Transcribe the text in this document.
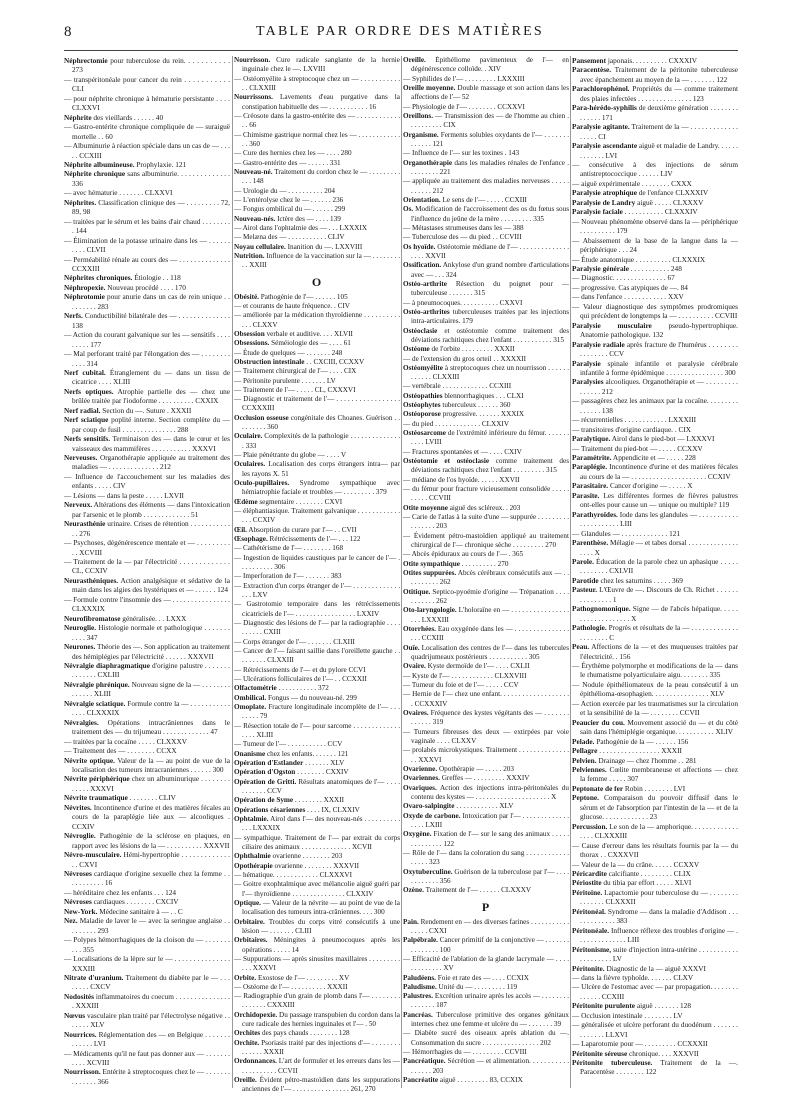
8	TABLE PAR ORDRE DES MATIÈRES

Néphrectomie pour tuberculose du rein. . . . . . . . . . . 273

— transpéritonéale pour cancer du rein . . . . . . . . . . . CLI

— pour néphrite chronique à hématurie persistante . . . . CLXXVI

Néphrite des vieillards . . . . . . 40

— Gastro-entérite chronique compliquée de — suraiguë mortelle . . 60

— Albuminurie à réaction spéciale dans un cas de — . . . . . CCXIII

Néphrite albumineuse. Prophylaxie. 121

Néphrite chronique sans albuminurie. . . . . . . . . . . . . . 336

— avec hématurie . . . . . . . CLXXVI

Néphrites. Classification clinique des — . . . . . . . . . 72, 89, 98

— traitées par le sérum et les bains d'air chaud . . . . . . . . . 144

— Élimination de la potasse urinaire dans les — . . . . . . . . . . CLVII

— Perméabilité rénale au cours des — . . . . . . . . . . . . . . CCXXIII

Néphrites chroniques. Étiologie . . 118

Néphropexie. Nouveau procédé . . . . 170

Néphrotomie pour anurie dans un cas de rein unique . . . . . . . . . 283

Nerfs. Conductibilité bilatérale des — . . . . . . . . . . . . . . 138

— Action du courant galvanique sur les — sensitifs . . . . . . . . . 177

— Mal perforant traité par l'élongation des — . . . . . . . . . . . . 314

Nerf cubital. Étranglement du — dans un tissu de cicatrice . . . . XLIII

Nerfs optiques. Atrophie partielle des — chez une brûlée traitée par l'iodoforme . . . . . . . . . . CXXIX

Nerf radial. Section du —. Suture . XXXII

Nerf sciatique poplité interne. Section complète du — par coup de fusil . . . . . . . . . . . . . . . 288

Nerfs sensitifs. Terminaison des — dans le cœur et les vaisseaux des mammifères . . . . . . . . . . . XXXVI

Nerveuses. Organothérapie appliquée au traitement des maladies — . . . . . . . . . . . . . . 212

— Influence de l'accouchement sur les maladies des enfants . . . . . CIV

— Lésions — dans la peste . . . . . LXVII

Nerveux. Altérations des éléments — dans l'intoxication par l'arsenic et le plomb . . . . . . . . . . . . . 51

Neurasthénie urinaire. Crises de rétention . . . . . . . . . . . . . 276

— Psychoses, dégénérescence mentale et — . . . . . . . . . . . XCVIII

— Traitement de la — par l'électricité . . . . . . . . . . . . . CL, CCXIV

Neurasthéniques. Action analgésique et sédative de la main dans les algies des hystériques et — . . . . . . 124

— Formule contre l'insomnie des — . . . . . . . . . . . . . . . . CLXXXIX

Neurofibromatose généralisée. . . LXXX

Neuroglie. Histologie normale et pathologique . . . . . . . . . . . 347

Neurones. Théorie des —. Son application au traitement des hémiplégies par l'électricité . . . . . . XXXVII

Névralgie diaphragmatique d'origine palustre . . . . . . . . . . . . . . CXLIII

Névralgie phrénique. Nouveau signe de la — . . . . . . . . . . . . . . XLIII

Névralgie sciatique. Formule contre la — . . . . . . . . . . . . . . . CLXXXIX

Névralgies. Opérations intracrâniennes dans le traitement des — du trijumeau . . . . . . . . . . . . . 47

— traitées par la cocaïne . . . . . CLXXXV

— Traitement des — . . . . . . . . CCXX

Névrite optique. Valeur de la — au point de vue de la localisation des tumeurs intracraniennes . . . . . . 300

Névrite périphérique chez un albuminurique . . . . . . . . . . . . . XXXVI

Névrite traumatique . . . . . . . . CLIV

Névrites. Incontinence d'urine et des matières fécales au cours de la paraplégie liée aux — alcooliques . CCXIV

Névroglie. Pathogénie de la sclérose en plaques, en rapport avec les lésions de la — . . . . . . . . . . XXXVII

Névro-musculaire. Hémi-hypertrophie . . . . . . . . . . . . . . . CXVI

Névroses cardiaque d'origine sexuelle chez la femme . . . . . . . . . . . 16

— héréditaire chez les enfants . . . 124

Névroses cardiaques . . . . . . . . CXCIV

New-York. Médecine sanitaire à — . . C

Nez. Maladie de laver le — avec la seringue anglaise . . . . . . . . . 293

— Polypes hémorrhagiques de la cloison du — . . . . . . . . . . 355

— Localisations de la lèpre sur le — . . . . . . . . . . . . . . . XXXIII

Nitrate d'uranium. Traitement du diabète par le — . . . . . . . . CXCV

Nodosités inflammatoires du coecum . . . . . . . . . . . . . . . . XXXIII

Nœvus vasculaire plan traité par l'électrolyse négative . . . . . . . XLV

Nourrices. Réglementation des — en Belgique . . . . . . . . . . . . . LVI

— Médicaments qu'il ne faut pas donner aux — . . . . . . . . . . . XCVIII

Nourrisson. Entérite à streptocoques chez le — . . . . . . . . . . . . . . 366

Nourrisson. Cure radicale sanglante de la hernie inguinale chez le —. LXVIII

— Ostéomyélite à streptocoque chez un — . . . . . . . . . . . . . CLXXIII

Nourrissons. Lavements d'eau purgative dans la constipation habituelle des — . . . . . . . . . . . 16

— Créosote dans la gastro-entérite des — . . . . . . . . . . . . . . 66

— Chimisme gastrique normal chez les — . . . . . . . . . . . . . . 360

— Cure des hernies chez les — . . . . 280

— Gastro-entérite des — . . . . . . 331

Nouveau-né. Traitement du cordon chez le — . . . . . . . . . . . . 148

— Urologie du — . . . . . . . . . . 204

— L'entérolyse chez le — . . . . . . 236

— Fongus ombilical du — . . . . . . 299

Nouveau-nés. Ictère des — . . . . 139

— Airol dans l'ophtalmie des — . . . LXXXIX

— Melæna des — . . . . . . . . . . . CLIV

Noyau cellulaire. Inanition du —. LXXVIII

Nutrition. Influence de la vaccination sur la — . . . . . . . . . . XXIII

O

Obésité. Pathogénie de l'— . . . . . . 105

— et courants de haute fréquence. . CIV

— améliorée par la médication thyroïdienne . . . . . . . . . . . . . CLXXV

Obsession verbale et auditive. . . . XLVII

Obsessions. Séméiologie des — . . . . 61

— Étude de quelques — . . . . . . . 248

Obstruction intestinale . . CXCIII, CCXXV

— Traitement chirurgical de l'— . . . . CIX

— Péritonite purulente . . . . . . . LV

— Traitement de l'— . . . . . CL, CXXXVI

— Diagnostic et traitement de l'— . . . . . . . . . . . . . . . . . CCXXXIII

Occlusion osseuse congénitale des Choanes. Guérison . . . . . . . . . 360

Oculaire. Complexités de la pathologie . . . . . . . . . . . . . . . 333

— Plaie pénétrante du globe — . . . . V

Oculaires. Localisation des corps étrangers intra— par les rayons X. 51

Oculo-pupillaires. Syndrome sympathique avec hémiatrophie faciale et troubles — . . . . . . . . . 379

Œdème segmentaire . . . . . . . . CXVI

— éléphantiasique. Traitement galvanique . . . . . . . . . . . . . . . CCXIV

Œil. Absorption du curare par l'— . . CVII

Œsophage. Rétrécissements de l'— . . . 122

— Cathétérisme de l'— . . . . . . . . 168

— Ingestion de liquides caustiques par le cancer de l'— . . . . . . . . . . 306

— Imperforation de l'— . . . . . . . 383

— Extraction d'un corps étranger de l'— . . . . . . . . . . . . . . . . LXV

— Gastrotomie temporaire dans les rétrécissements cicatriciels de l'— . . . . . . . . . . . . . . . . . LXXIV

— Diagnostic des lésions de l'— par la radiographie . . . . . . . . . . CXIII

— Corps étranger de l'— . . . . . . . CLXIII

— Cancer de l'— faisant saillie dans l'oreillette gauche . . . . . . . . . CLXXIII

— Rétrécissements de l'— et du pylore CCVI

— Ulcérations folliculaires de l'— . . CCXXII

Olfactométrie . . . . . . . . . . . 372

Ombilical. Fongus — du nouveau-né. 299

Omoplate. Fracture longitudinale incomplète de l'— . . . . . . . . 79

— Résection totale de l'— pour sarcome . . . . . . . . . . . . . . . . . XLIII

— Tumeur de l'— . . . . . . . . . . . CCV

Onanisme chez les enfants. . . . . . . 121

Opération d'Estlander . . . . . . . XLV

Opération d'Ogston . . . . . . . . CXXIV

Opération de Gritti. Résultats anatomiques de l'— . . . . . . . . . . . CCV

Opération de Syme . . . . . . . . XXXII

Opérations césariennes . . . . IX, CLXXIV

Ophtalmie. Airol dans l'— des nouveau-nés . . . . . . . . . . . . . LXXXIX

— sympathique. Traitement de l'— par extrait du corps ciliaire des animaux . . . . . . . . . . . . . . XCVII

Ophthalmie ovarienne . . . . . . . . 203

Opothérapie ovarienne . . . . . . . . XXXVII

— hématique. . . . . . . . . . . . . CLXXXVI

— Goitre exophtalmique avec mélancolie aiguë guéri par l'— thyroïdienne . . . . . . . . . . . . . . . CLXXIV

Optique. — Valeur de la névrite — au point de vue de la localisation des tumeurs intra-crâniennes. . . . 300

Orbitaire. Troubles du corps vitré consécutifs à une lésion — . . . . . . . CLIII

Orbitaires. Méningites à pneumocoques après les opérations . . . . . 14

— Suppurations — après sinusites maxillaires . . . . . . . . . . . . XXXVI

Orbite. Exostose de l'— . . . . . . . . . XV

— Ostéome de l'— . . . . . . . . . . XXXII

— Radiographie d'un grain de plomb dans l'— . . . . . . . . . . . . . . . CXXXIII

Orchidopexie. Du passage transpubien du cordon dans la cure radicale des hernies inguinales et l'— . 50

Orchites des pays chauds . . . . . . . . 128

Orchite. Psoriasis traité par des injections d'— . . . . . . . . . . . . . . XXXII

Ordonnances. L'art de formuler et les erreurs dans les — . . . . . . . . . . CCVII

Oreille. Évident pétro-mastoïdien dans les suppurations anciennes de l'— . . . . . . . . . . . . . . . . 261, 270

Oreille. Épithéliome pavimenteux de l'— en dégénérescence colloïde. . XIV

— Syphilides de l'— . . . . . . . . . LXXXIII

Oreille moyenne. Double massage et son action dans les affections de l'— 52

— Physiologie de l'— . . . . . . . . CCXXVI

Oreillons. — Transmission des — de l'homme au chien . . . . . . . . . . CIX

Organisme. Ferments solubles oxydants de l'— . . . . . . . . . . . . . 121

— Influence de l'— sur les toxines . 143

Organothérapie dans les maladies rénales de l'enfance . . . . . . . . . 221

— appliquée au traitement des maladies nerveuses . . . . . . . . . . . 212

Orientation. Le sens de l'— . . . . . CCXIII

Os. Modification de l'accroissement des os du fœtus sous l'influence du jeûne de la mère . . . . . . . . . 335

— Métastases strumeuses dans les — 388

— Tuberculose des — du pied . . CCVIII

Os hyoïde. Ostéotomie médiane de l'— . . . . . . . . . . . . . . . . . . XXVII

Ossification. Ankylose d'un grand nombre d'articulations avec — . . . 324

Ostéo-arthrite Résection du poignet pour — tuberculeuse . . . . . . . 315

— à pneumocoques. . . . . . . . . . . CXXVI

Ostéo-arthrites tuberculeuses traitées par les injections intra-articulaires. 179

Ostéoclasie et ostéotomie comme traitement des déviations rachitiques chez l'enfant . . . . . . . . . . . 315

Ostéome de l'orbite . . . . . . . . . XXXII

— de l'extension du gros orteil . . XXXXII

Ostéomyélite à streptocoques chez un nourrisson . . . . . . . . . . . . CLXXIII

— vertébrale . . . . . . . . . . . . . CCXIII

Ostéopathies blennorrhagiques . . . CLXI

Ostéophytes tuberculeux . . . . . . 360

Ostéoporose progressive. . . . . . . XXXIX

— du pied . . . . . . . . . . . . . CLXXIV

Ostéosarcome de l'extrémité inférieure du fémur. . . . . . . . . . . LVIII

— Fractures spontanées et — . . . . CXIV

Ostéotomie et ostéoclasie comme traitement des déviations rachitiques chez l'enfant . . . . . . . . . 315

— médiane de l'os hyoïde. . . . . . XXVII

— du fémur pour fracture vicieusement consolidée . . . . . . . . . . CCVIII

Otite moyenne aiguë des scléreux. . 203

— Carie de l'atlas à la suite d'une — suppurée . . . . . . . . . . . . . . . . 203

— Évidement pétro-mastoïdien appliqué au traitement chirurgical de l'— chronique sèche . . . . . . . . . 270

— Abcès épiduraux au cours de l'— . 365

Otite sympathique . . . . . . . . . . 270

Otites suppurées. Abcès cérébraux consécutifs aux — . . . . . . . . . . 262

Otitique. Septico-pyoémie d'origine — Trépanation . . . . . . . . . . . 262

Oto-laryngologie. L'holoraïne en — . . . . . . . . . . . . . . . . . . . LXXXIII

Otorrhées. Eau oxygénée dans les — . . . . . . . . . . . . . . . . . . CCXIII

Ouïe. Localisation des centres de l'— dans les tubercules quadrijumeaux postérieurs . . . . . . . . . . . 305

Ovaire. Kyste dermoïde de l'— . . . . CXLII

— Kyste de l'— . . . . . . . . . . . . CLXXVIII

— Tumeur du foie et de l'— . . . . . CCV

— Hernie de l'— chez une enfant. . . . . . . . . . . . . . . . . . . . CCXXXIV

Ovaires. Fréquence des kystes végétants des — . . . . . . . . . . . . . 319

— Tumeurs fibreuses des deux — extirpées par voie vaginale . . . . CLXXV

— prolabés microkystiques. Traitement . . . . . . . . . . . . . . . . XXXVI

Ovarienne. Opothérapie — . . . . . 203

Ovariennes. Greffes — . . . . . . . . . XXXIV

Ovariques. Action des injections intra-péritonéales du contenu des kystes — . . . . . . . . . . . . . . . . . . . . . X

Ovaro-salpingite . . . . . . . . . . . . XLV

Oxyde de carbone. Intoxication par l'— . . . . . . . . . . . . . . . . . LXIII

Oxygène. Fixation de l'— sur le sang des animaux . . . . . . . . . . . . . . 122

— Rôle de l'— dans la coloration du sang . . . . . . . . . . . . . . . . . 323

Oxytuberculine. Guérison de la tuberculose par l'— . . . . . . . . . . . . 356

Ozène. Traitement de l'— . . . . . . CLXXXV

P

Pain. Rendement en — des diverses farines . . . . . . . . . . . . . . . . CXXI

Palpébrale. Cancer primitif de la conjonctive — . . . . . . . . . . . . . . . 100

— Efficacité de l'ablation de la glande lacrymale — . . . . . . . . . . . . . XV

Paludéens. Foie et rate des — . . . . CCXIX

Paludisme. Unité du — . . . . . . . . . 119

Palustres. Excrétion urinaire après les accès — . . . . . . . . . . . . . . . 187

Pancréas. Tuberculose primitive des organes génitaux internes chez une femme et ulcère du — . . . . . . . 39

— Diabète sucré des oiseaux après ablation du —. Consommation du sucre . . . . . . . . . . . . . . . . 202

— Hémorrhagies du — . . . . . . . . . CCVIII

Pancréatique. Sécrétion — et alimentation. . . . . . . . . . . . . . . . . 203

Pancréatite aiguë . . . . . . . . . 83, CCXIX

Pansement japonais. . . . . . . . . . CXXXIV

Paracentèse. Traitement de la péritonite tuberculeuse avec épanchement au moyen de la — . . . . . . . 122

Parachlorophénol. Propriétés du — comme traitement des plaies infectées . . . . . . . . . . . . . . . 123

Para-hérédo-syphilis de deuxième génération . . . . . . . . . . . . . . 171

Paralysie agitante. Traitement de la — . . . . . . . . . . . . . . . . . . CI

Paralysie ascendante aiguë et maladie de Landry. . . . . . . . . . . . . LVI

— consécutive à des injections de sérum antistreptococcique . . . . . . LIV

— aiguë expérimentale . . . . . . . . CXXX

Paralysie atrophique de l'enfance CLXXXIV

Paralysie de Landry aiguë . . . . . CLXXXV

Paralysie faciale . . . . . . . . . . . CLXXXIV

— Nouveau phénomène observé dans la — périphérique . . . . . . . . . . 179

— Abaissement de la base de la langue dans la — périphérique . . . 24

— Étude anatomique . . . . . . . . . . CLXXXIX

Paralysie générale . . . . . . . . . . . 248

— Diagnostic. . . . . . . . . . . . . . . 67

— progressive. Cas atypiques de —. 84

— dans l'enfance . . . . . . . . . . . . XXV

— Valeur diagnostique des symptômes prodromiques qui précèdent de longtemps la — . . . . . . . . . . CCVIII

Paralysie musculaire pseudo-hypertrophique. Anatomie pathologique. 132

Paralysie radiale après fracture de l'humérus . . . . . . . . . . . . . . . . CCV

Paralysie spinale infantile et paralysie cérébrale infantile à forme épidémique . . . . . . . . . . . . . . . . 300

Paralysies alcooliques. Organothérapie et — . . . . . . . . . . . . . . . 212

— passagères chez les animaux par la cocaïne. . . . . . . . . . . . . . . 138

— récurrentielles . . . . . . . . . . . . LXXXIII

— transitoires d'origine cardiaque. . CIX

Paralytique. Airol dans le pied-bot — LXXXVI

— Traitement du pied-bot — . . . . . CCXXV

Paramétrite. Appendicite et — . . . . . 228

Paraplégie. Incontinence d'urine et des matières fécales au cours de la — . . . . . . . . . . . . . . . . . . . . . CCXIV

Parasitaire. Cancer d'origine — . . . . . X

Parasite. Les différentes formes de fièvres palustres ont-elles pour cause un — unique ou multiple? 119

Parathyroïdes. Iode dans les glandules — . . . . . . . . . . . . . . . . . . . . . . LIII

— Glandules — . . . . . . . . . . . . . 121

Parenthèse. Mélagie — et tabes dorsal . . . . . . . . . . . . . . . . . . X

Parole. Éducation de la parole chez un aphasique . . . . . . . . . . . . . CXLVII

Parotide chez les saturnins . . . . . 369

Pasteur. L'Œuvre de —. Discours de Ch. Richet . . . . . . . . . . . . . . . 1

Pathognomonique. Signe — de l'abcès hépatique. . . . . . . . . . . . . . . . . . . X

Pathologie. Progrès et résultats de la — . . . . . . . . . . . . . . . . . . . . . C

Peau. Affections de la — et des muqueuses traitées par l'électricité. . 156

— Érythème polymorphe et modifications de la — dans le rhumatisme polyarticulaire aigu. . . . . . . . 335

— Nodule épithéliomateux de la peau consécutif à un épithélioma-œsophagien. . . . . . . . . . . . . . . . XLV

— Action exercée par les traumatismes sur la circulation et la sensibilité de la — . . . . . . . . CCVII

Peaucier du cou. Mouvement associé du — et du côté sain dans l'hémiplégie organique. . . . . . . . . . . XLIV

Pelade. Pathogénie de la — . . . . . . 156

Pellagre . . . . . . . . . . . . . . . . . XXXII

Pelvien. Drainage — chez l'homme . . 281

Pelviennes. Cœlite membraneuse et affections — chez la femme . . . . . 307

Peptonate de fer Robin . . . . . . . . LVI

Peptone. Comparaison du pouvoir diffusif dans le sérum et de l'absorption par l'intestin de la — et de la glucose. . . . . . . . . . . . . 23

Percussion. Le son de la — amphorique. . . . . . . . . . . . . . . . . CLXXXIII

— Cause d'erreur dans les résultats fournis par la — du thorax . . CXXXVII

— Valeur de la — du crâne. . . . . . CCXXV

Péricardite calcifiante . . . . . . . . . CLIX

Périostite du tibia par effort . . . . . XLVI

Péritoine. Lapactomie pour tuberculose du — . . . . . . . . . . . . . . . CLXXXII

Péritonéal. Syndrome — dans la maladie d'Addison . . . . . . . . . . . . . 383

Péritonéale. Influence réflexe des troubles d'origine — . . . . . . . . . . . . . . LIII

Péritonisme, suite d'injection intra-utérine . . . . . . . . . . . . . . . . . . . . LV

Péritonite. Diagnostic de la — aiguë XXXVI

— dans la fièvre typhoïde. . . . . . . CLXV

— Ulcère de l'estomac avec — par propagation. . . . . . . . . . . . . . CCXIII

Péritonite purulente aiguë . . . . . . . 128

— Occlusion intestinale . . . . . . . . LV

— généralisée et ulcère perforant du duodénum . . . . . . . . . . . . . . LLXVI

— Laparotomie pour — . . . . . . . . . CCXXXII

Péritonite séreuse chronique. . . . XXXVII

Péritonite tuberculeuse. Traitement de la —. Paracentèse . . . . . . . . 122
